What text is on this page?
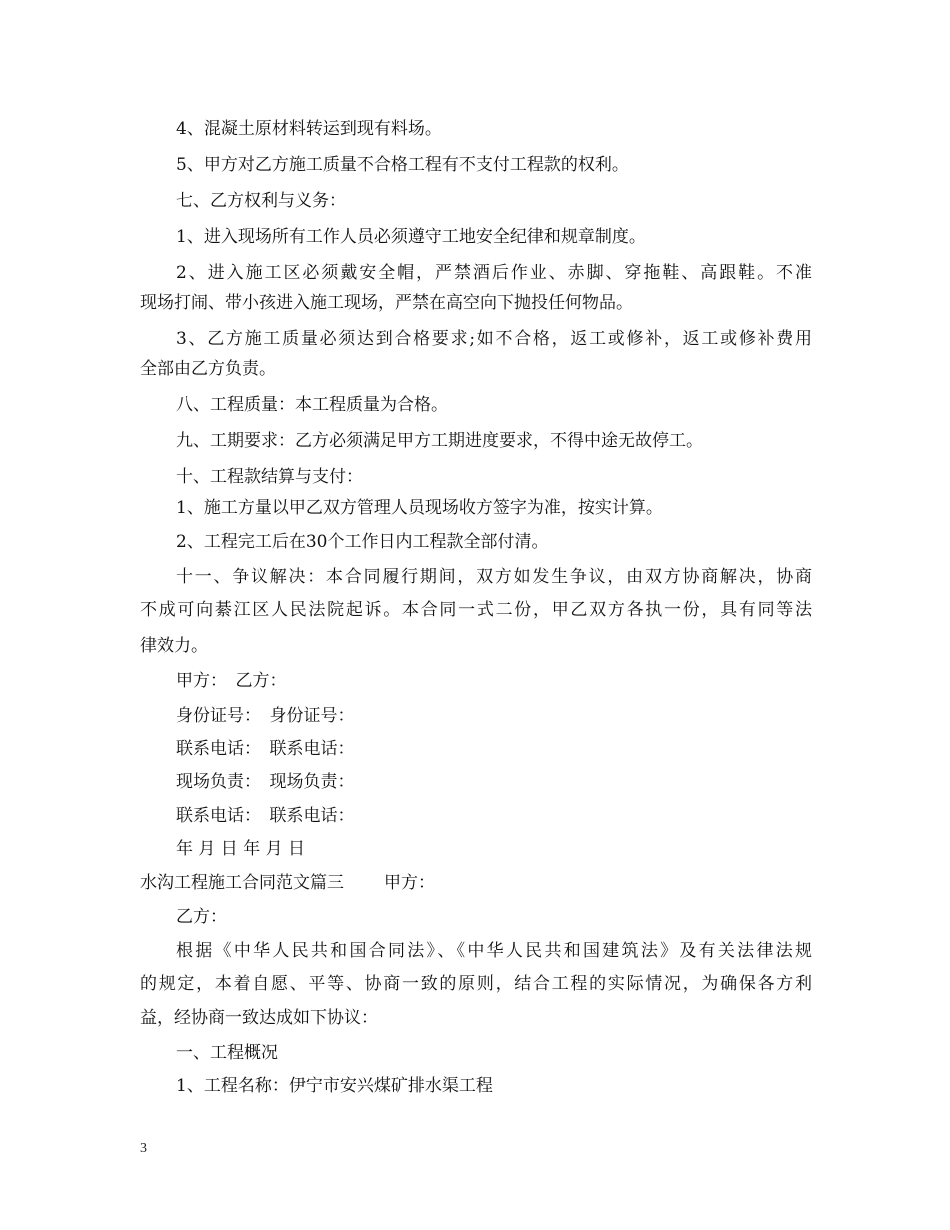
4、混凝土原材料转运到现有料场。
5、甲方对乙方施工质量不合格工程有不支付工程款的权利。
七、乙方权利与义务：
1、进入现场所有工作人员必须遵守工地安全纪律和规章制度。
2、进入施工区必须戴安全帽，严禁酒后作业、赤脚、穿拖鞋、高跟鞋。不准
现场打闹、带小孩进入施工现场，严禁在高空向下抛投任何物品。
3、乙方施工质量必须达到合格要求;如不合格，返工或修补，返工或修补费用
全部由乙方负责。
八、工程质量：本工程质量为合格。
九、工期要求：乙方必须满足甲方工期进度要求，不得中途无故停工。
十、工程款结算与支付：
1、施工方量以甲乙双方管理人员现场收方签字为准，按实计算。
2、工程完工后在30个工作日内工程款全部付清。
十一、争议解决：本合同履行期间，双方如发生争议，由双方协商解决，协商
不成可向綦江区人民法院起诉。本合同一式二份，甲乙双方各执一份，具有同等法
律效力。
甲方：　乙方：
身份证号：　身份证号：
联系电话：　联系电话：
现场负责：　现场负责：
联系电话：　联系电话：
年 月 日 年 月 日
水沟工程施工合同范文篇三 甲方：
乙方：
根据《中华人民共和国合同法》、《中华人民共和国建筑法》及有关法律法规
的规定，本着自愿、平等、协商一致的原则，结合工程的实际情况，为确保各方利
益，经协商一致达成如下协议：
一、工程概况
1、工程名称：伊宁市安兴煤矿排水渠工程
3
